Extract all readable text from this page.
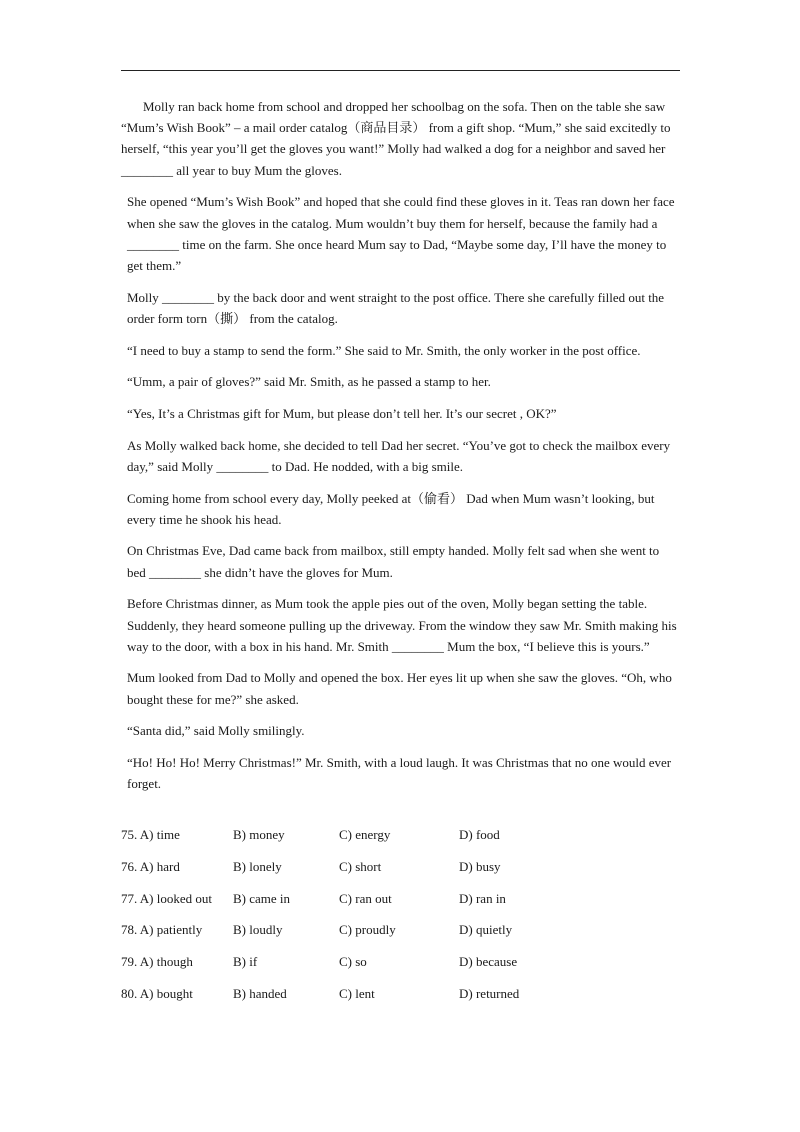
Molly ran back home from school and dropped her schoolbag on the sofa. Then on the table she saw “Mum’s Wish Book” – a mail order catalog（商品目录） from a gift shop. “Mum,” she said excitedly to herself, “this year you’ll get the gloves you want!” Molly had walked a dog for a neighbor and saved her ________ all year to buy Mum the gloves.

She opened “Mum’s Wish Book” and hoped that she could find these gloves in it. Teas ran down her face when she saw the gloves in the catalog. Mum wouldn’t buy them for herself, because the family had a ________ time on the farm. She once heard Mum say to Dad, “Maybe some day, I’ll have the money to get them.”

Molly ________ by the back door and went straight to the post office. There she carefully filled out the order form torn（撕） from the catalog.

“I need to buy a stamp to send the form.” She said to Mr. Smith, the only worker in the post office.

“Umm, a pair of gloves?” said Mr. Smith, as he passed a stamp to her.

“Yes, It’s a Christmas gift for Mum, but please don’t tell her. It’s our secret , OK?”

As Molly walked back home, she decided to tell Dad her secret. “You’ve got to check the mailbox every day,” said Molly ________ to Dad. He nodded, with a big smile.

Coming home from school every day, Molly peeked at（偷看） Dad when Mum wasn’t looking, but every time he shook his head.

On Christmas Eve, Dad came back from mailbox, still empty handed. Molly felt sad when she went to bed ________ she didn’t have the gloves for Mum.

Before Christmas dinner, as Mum took the apple pies out of the oven, Molly began setting the table. Suddenly, they heard someone pulling up the driveway. From the window they saw Mr. Smith making his way to the door, with a box in his hand. Mr. Smith ________ Mum the box, “I believe this is yours.”

Mum looked from Dad to Molly and opened the box. Her eyes lit up when she saw the gloves. “Oh, who bought these for me?” she asked.

“Santa did,” said Molly smilingly.

“Ho! Ho! Ho! Merry Christmas!” Mr. Smith, with a loud laugh. It was Christmas that no one would ever forget.

75. A) time	B) money	C) energy	D) food
76. A) hard	B) lonely	C) short	D) busy
77. A) looked out B) came in	C) ran out	D) ran in
78. A) patiently B) loudly	C) proudly	D) quietly
79. A) though	B) if	C) so	D) because
80. A) bought	B) handed	C) lent	D) returned
